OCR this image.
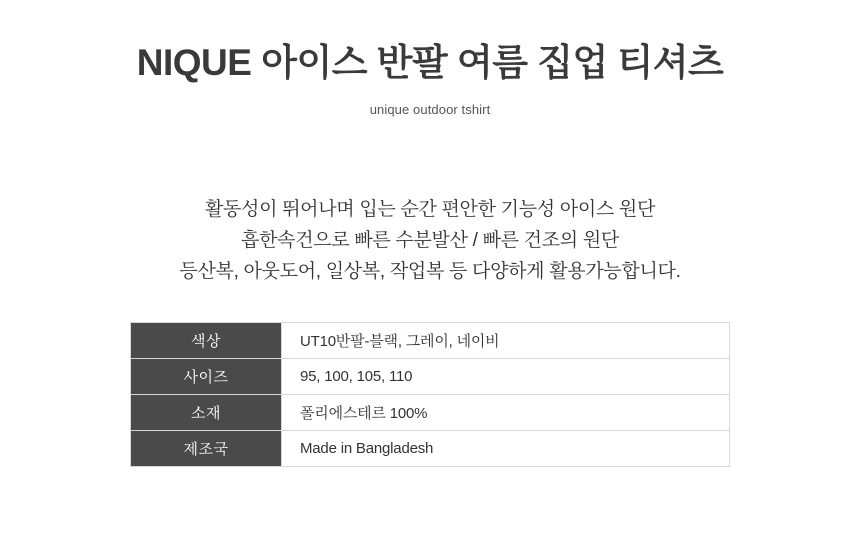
NIQUE 아이스 반팔 여름 집업 티셔츠

unique outdoor tshirt

활동성이 뛰어나며 입는 순간 편안한 기능성 아이스 원단
흡한속건으로 빠른 수분발산 / 빠른 건조의 원단
등산복, 아웃도어, 일상복, 작업복 등 다양하게 활용가능합니다.
색상	UT10반팔-블랙, 그레이, 네이비
사이즈	95, 100, 105, 110
소재	폴리에스테르 100%
제조국	Made in Bangladesh
